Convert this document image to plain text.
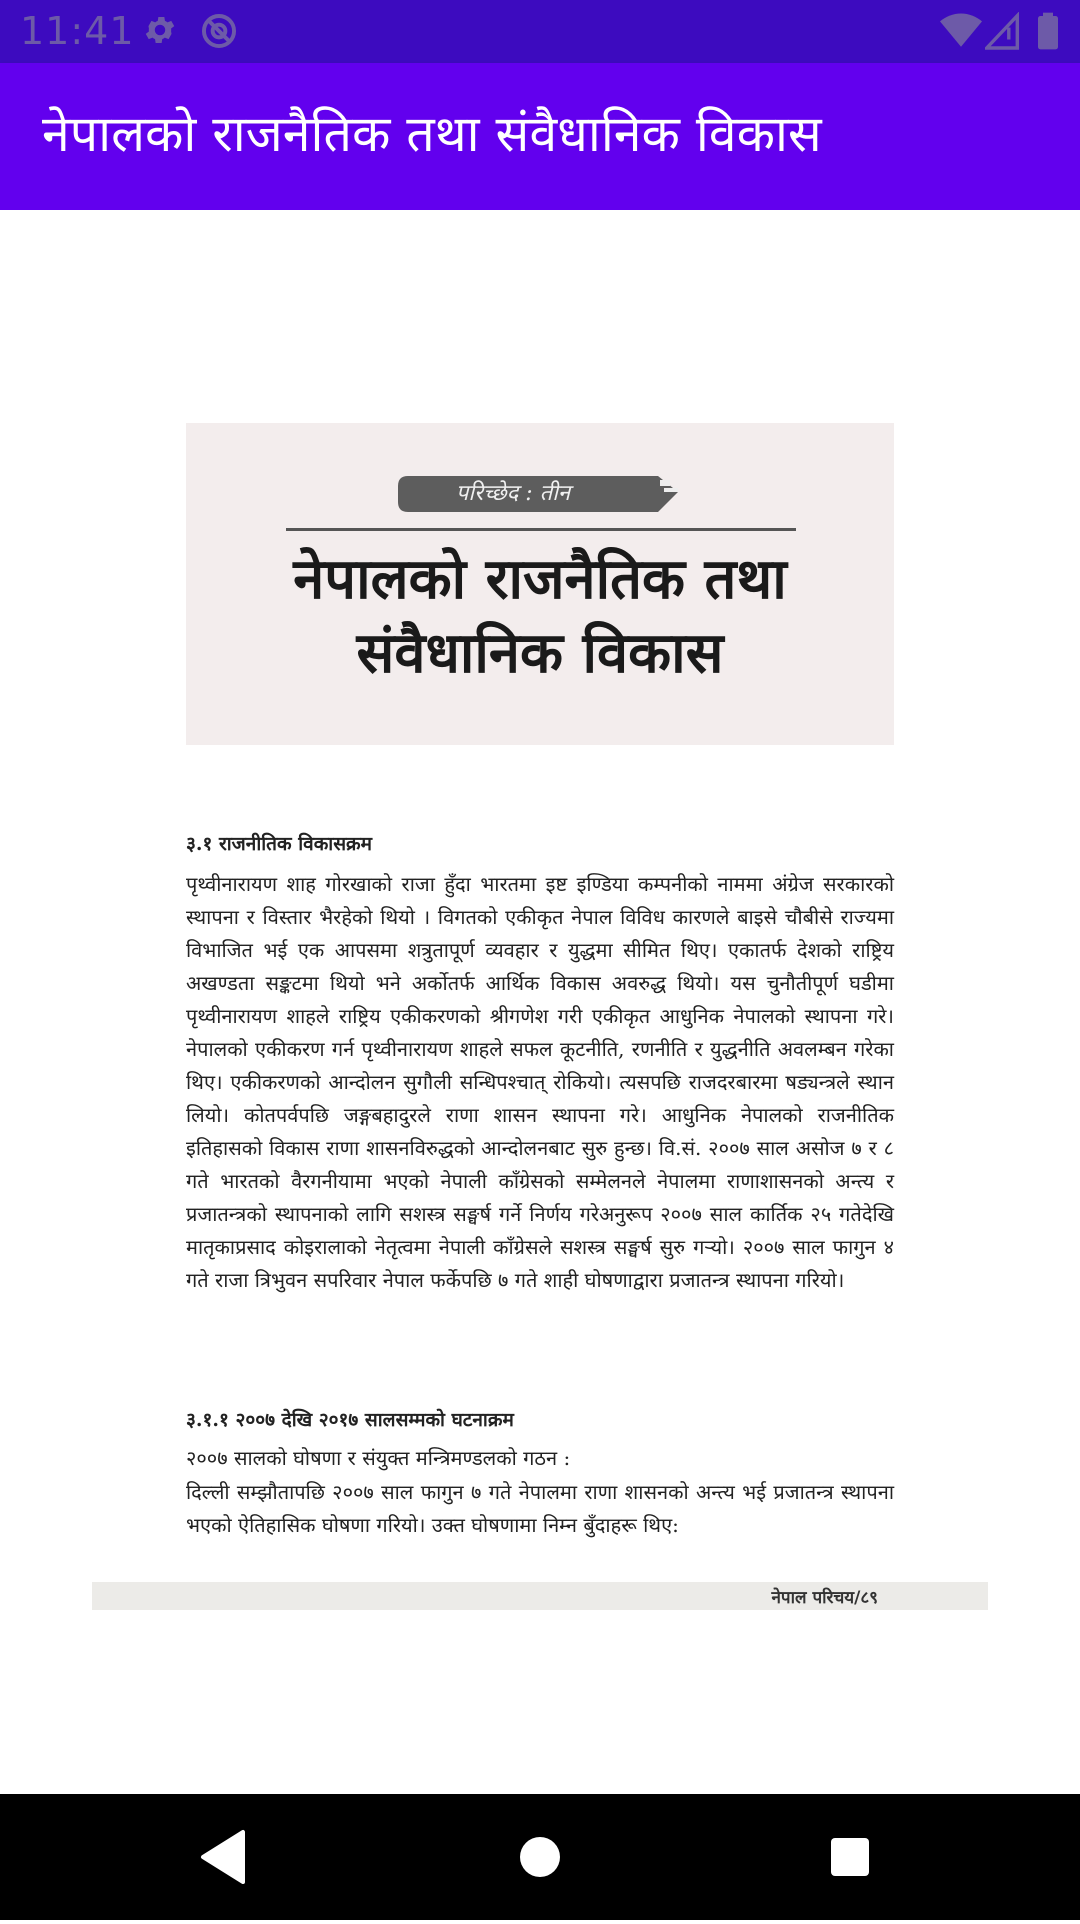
11:41
नेपालको राजनैतिक तथा संवैधानिक विकास
परिच्छेद : तीन
नेपालको राजनैतिक तथा
संवैधानिक विकास
३.१ राजनीतिक विकासक्रम

पृथ्वीनारायण शाह गोरखाको राजा हुँदा भारतमा इष्ट इण्डिया कम्पनीको नाममा अंग्रेज सरकारको स्थापना र विस्तार भैरहेको थियो । विगतको एकीकृत नेपाल विविध कारणले बाइसे चौबीसे राज्यमा विभाजित भई एक आपसमा शत्रुतापूर्ण व्यवहार र युद्धमा सीमित थिए। एकातर्फ देशको राष्ट्रिय अखण्डता सङ्कटमा थियो भने अर्कोतर्फ आर्थिक विकास अवरुद्ध थियो। यस चुनौतीपूर्ण घडीमा पृथ्वीनारायण शाहले राष्ट्रिय एकीकरणको श्रीगणेश गरी एकीकृत आधुनिक नेपालको स्थापना गरे। नेपालको एकीकरण गर्न पृथ्वीनारायण शाहले सफल कूटनीति, रणनीति र युद्धनीति अवलम्बन गरेका थिए। एकीकरणको आन्दोलन सुगौली सन्धिपश्चात् रोकियो। त्यसपछि राजदरबारमा षड्यन्त्रले स्थान लियो। कोतपर्वपछि जङ्गबहादुरले राणा शासन स्थापना गरे। आधुनिक नेपालको राजनीतिक इतिहासको विकास राणा शासनविरुद्धको आन्दोलनबाट सुरु हुन्छ। वि.सं. २००७ साल असोज ७ र ८ गते भारतको वैरगनीयामा भएको नेपाली काँग्रेसको सम्मेलनले नेपालमा राणाशासनको अन्त्य र प्रजातन्त्रको स्थापनाको लागि सशस्त्र सङ्घर्ष गर्ने निर्णय गरेअनुरूप २००७ साल कार्तिक २५ गतेदेखि मातृकाप्रसाद कोइरालाको नेतृत्वमा नेपाली काँग्रेसले सशस्त्र सङ्घर्ष सुरु गऱ्यो। २००७ साल फागुन ४ गते राजा त्रिभुवन सपरिवार नेपाल फर्केपछि ७ गते शाही घोषणाद्वारा प्रजातन्त्र स्थापना गरियो।

३.१.१ २००७ देखि २०१७ सालसम्मको घटनाक्रम
२००७ सालको घोषणा र संयुक्त मन्त्रिमण्डलको गठन :

दिल्ली सम्झौतापछि २००७ साल फागुन ७ गते नेपालमा राणा शासनको अन्त्य भई प्रजातन्त्र स्थापना भएको ऐतिहासिक घोषणा गरियो। उक्त घोषणामा निम्न बुँदाहरू थिए:

नेपाल परिचय/८९
